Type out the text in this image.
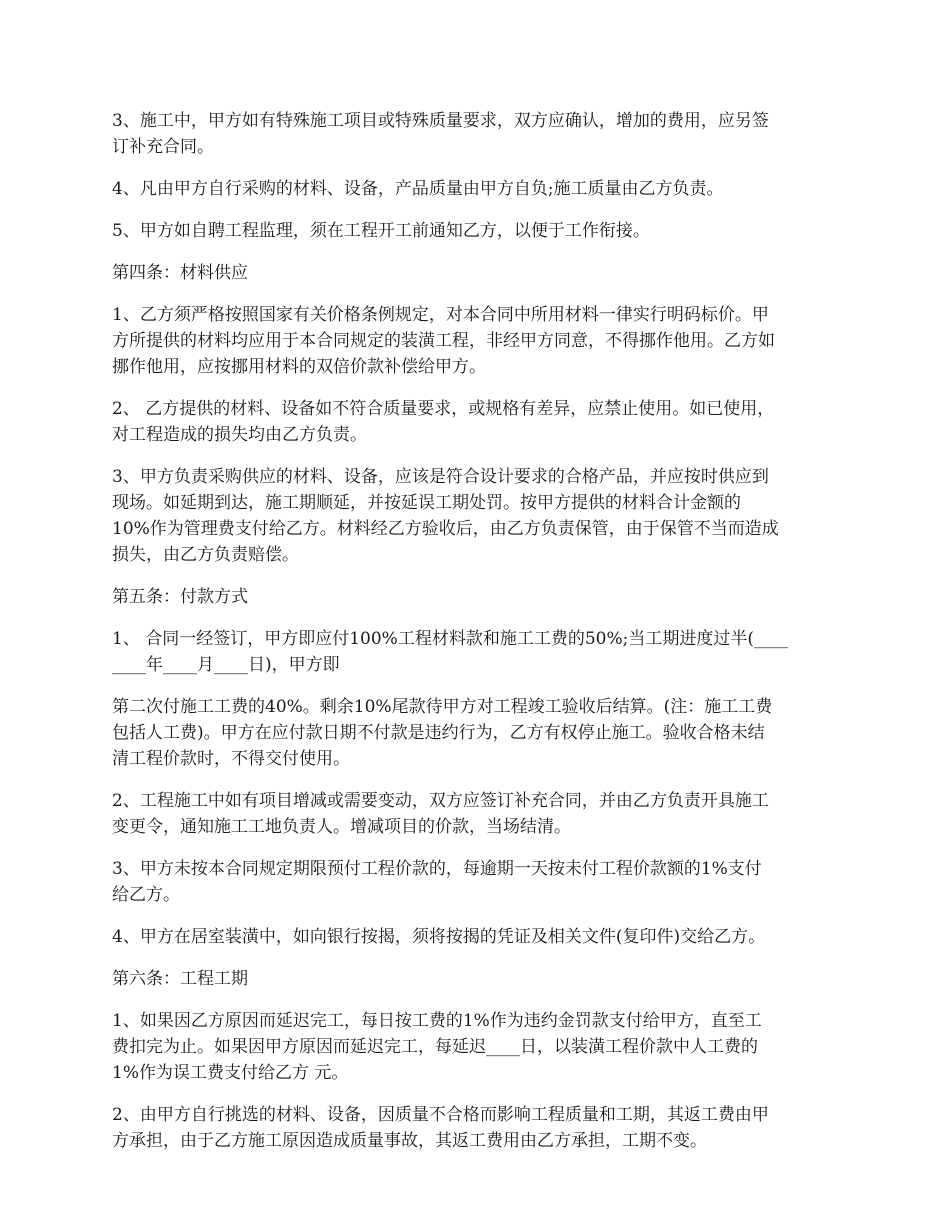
3、施工中，甲方如有特殊施工项目或特殊质量要求，双方应确认，增加的费用，应另签
订补充合同。

4、凡由甲方自行采购的材料、设备，产品质量由甲方自负;施工质量由乙方负责。

5、甲方如自聘工程监理，须在工程开工前通知乙方，以便于工作衔接。

第四条：材料供应

1、乙方须严格按照国家有关价格条例规定，对本合同中所用材料一律实行明码标价。甲
方所提供的材料均应用于本合同规定的装潢工程，非经甲方同意，不得挪作他用。乙方如
挪作他用，应按挪用材料的双倍价款补偿给甲方。

2、 乙方提供的材料、设备如不符合质量要求，或规格有差异，应禁止使用。如已使用，
对工程造成的损失均由乙方负责。

3、甲方负责采购供应的材料、设备，应该是符合设计要求的合格产品，并应按时供应到
现场。如延期到达，施工期顺延，并按延误工期处罚。按甲方提供的材料合计金额的
10%作为管理费支付给乙方。材料经乙方验收后，由乙方负责保管，由于保管不当而造成
损失，由乙方负责赔偿。

第五条：付款方式

1、 合同一经签订，甲方即应付100%工程材料款和施工工费的50%;当工期进度过半(____
____年____月____日)，甲方即

第二次付施工工费的40%。剩余10%尾款待甲方对工程竣工验收后结算。(注：施工工费
包括人工费)。甲方在应付款日期不付款是违约行为，乙方有权停止施工。验收合格未结
清工程价款时，不得交付使用。

2、工程施工中如有项目增减或需要变动，双方应签订补充合同，并由乙方负责开具施工
变更令，通知施工工地负责人。增减项目的价款，当场结清。

3、甲方未按本合同规定期限预付工程价款的，每逾期一天按未付工程价款额的1%支付
给乙方。

4、甲方在居室装潢中，如向银行按揭，须将按揭的凭证及相关文件(复印件)交给乙方。

第六条：工程工期

1、如果因乙方原因而延迟完工，每日按工费的1%作为违约金罚款支付给甲方，直至工
费扣完为止。如果因甲方原因而延迟完工，每延迟____日，以装潢工程价款中人工费的
1%作为误工费支付给乙方 元。

2、由甲方自行挑选的材料、设备，因质量不合格而影响工程质量和工期，其返工费由甲
方承担，由于乙方施工原因造成质量事故，其返工费用由乙方承担，工期不变。
